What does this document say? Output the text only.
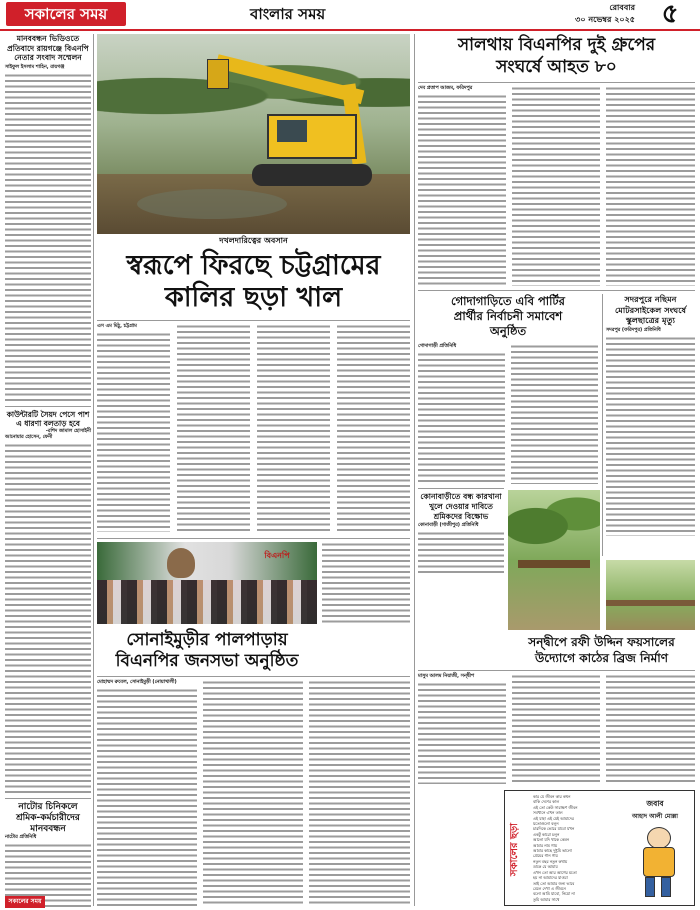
সকালের সময়	বাংলার সময়	রোববার
৩০ নভেম্বর ২০২৫	৫
মানববন্ধন ভিডিওতে প্রতিবাদে রায়গঞ্জে বিএনপি নেতার সংবাদ সম্মেলন
সাইফুল ইসলাম শাহিন, রায়গঞ্জ
কাউন্টারটি সৈয়দ পেসে পাশ এ ধারণা বলতাড় হবে
-রশিদ জামাল হোসাইনী
আনোয়ার হোসেন, ফেনী
নাটোর চিনিকলে শ্রমিক-কর্মচারীদের মানববন্ধন
নাটোর প্রতিনিধি
দখলদারিত্বের অবসান
স্বরূপে ফিরছে চট্টগ্রামের
কালির ছড়া খাল
এস এম মিঠু, চট্টগ্রাম
বিএনপি
সোনাইমুড়ীর পালপাড়ায়
বিএনপির জনসভা অনুষ্ঠিত
মোহাম্মদ রুবেল, সোনাইমুড়ী (নোয়াখালী)
সালথায় বিএনপির দুই গ্রুপের
সংঘর্ষে আহত ৮০
দেব প্রতাপ আজম, ফরিদপুর
গোদাগাড়িতে এবি পার্টির
প্রার্থীর নির্বাচনী সমাবেশ
অনুষ্ঠিত
গোদাগাড়ী প্রতিনিধি
সদরপুরে নছিমন মোটরসাইকেল সংঘর্ষে স্কুলছাত্রের মৃত্যু
সদরপুর (ফরিদপুর) প্রতিনিধি
কোনাবাড়ীতে বন্ধ কারখানা খুলে দেওয়ার দাবিতে শ্রমিকদের বিক্ষোভ
কোনাবাড়ী (গাজীপুর) প্রতিনিধি
সন্দ্বীপে রফী উদ্দিন ফয়সালের
উদ্যোগে কাঠের ব্রিজ নির্মাণ
মাসুম আলম নিয়াজী, সন্দ্বীপ
সকালের ছড়া
কার যে জীবন কার কথন
বাকি দেশের কাল
এই তো কেউ সারাক্ষণ জীবন
সবখানে এখন তাল
এই যাহা এই যেই আমাদের
যতোগুলো বলুন
চারদিকে ভোরে যাবো যখন
একটু কারো চলুন
আলো যদি থাকে কেমন
আমার নাম গায়
আমার কাছে দুষ্টুমি ভালো
প্রেমের গান গায়
নতুন বছর নতুন কথায়
ডাকে যে আমায়
এখন তো আর আগের মতো
হয় না আমাদের যাওয়া
তাই তো আমার জন্য ভাবে
মেলে দেখা এ জীবনে
বলো আমি যাবো, নিয়ো না
তুমি আমার সাথে
জবাব
আহাদ আলী মোল্লা
সকালের সময়
